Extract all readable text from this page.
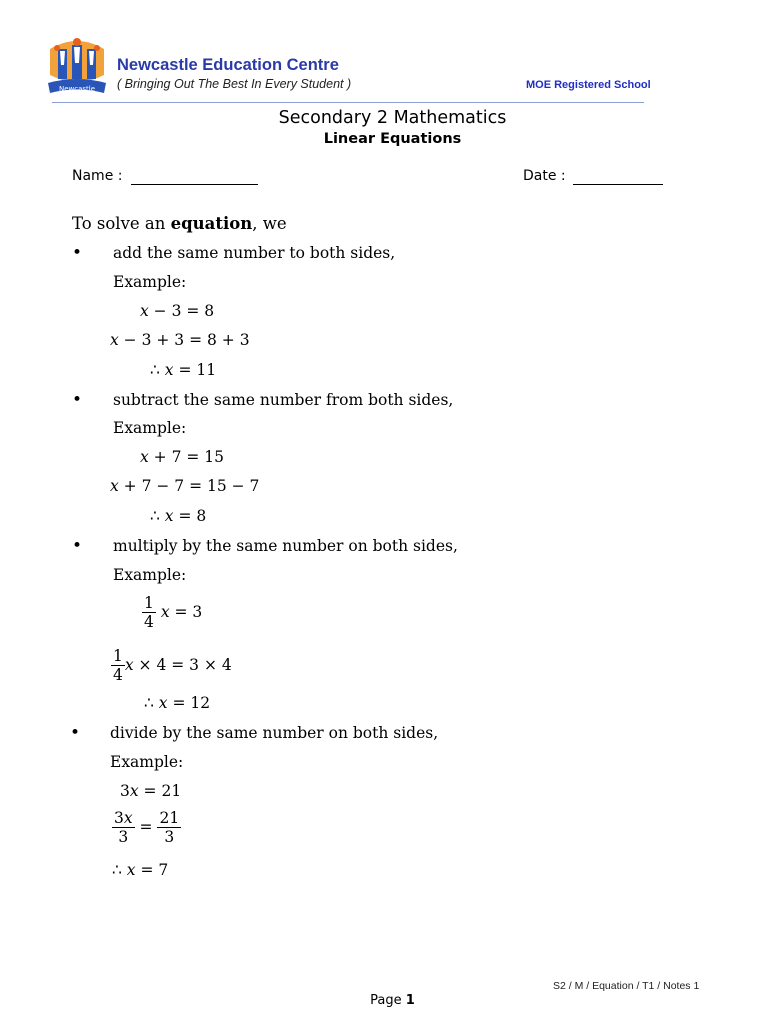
Newcastle
Newcastle Education Centre
( Bringing Out The Best In Every Student )	MOE Registered School
Secondary 2 Mathematics
Linear Equations
Name :	Date :
To solve an equation, we
• add the same number to both sides,
Example:
x − 3 = 8
x − 3 + 3 = 8 + 3
∴ x = 11
• subtract the same number from both sides,
Example:
x + 7 = 15
x + 7 − 7 = 15 − 7
∴ x = 8
• multiply by the same number on both sides,
Example:
$\frac{1}{4}$ x = 3
$\frac{1}{4}$ x × 4 = 3 × 4
∴ x = 12
• divide by the same number on both sides,
Example:
3x = 21
$\frac{3x}{3} = \frac{21}{3}$
∴ x = 7
S2 / M / Equation / T1 / Notes 1
Page 1
